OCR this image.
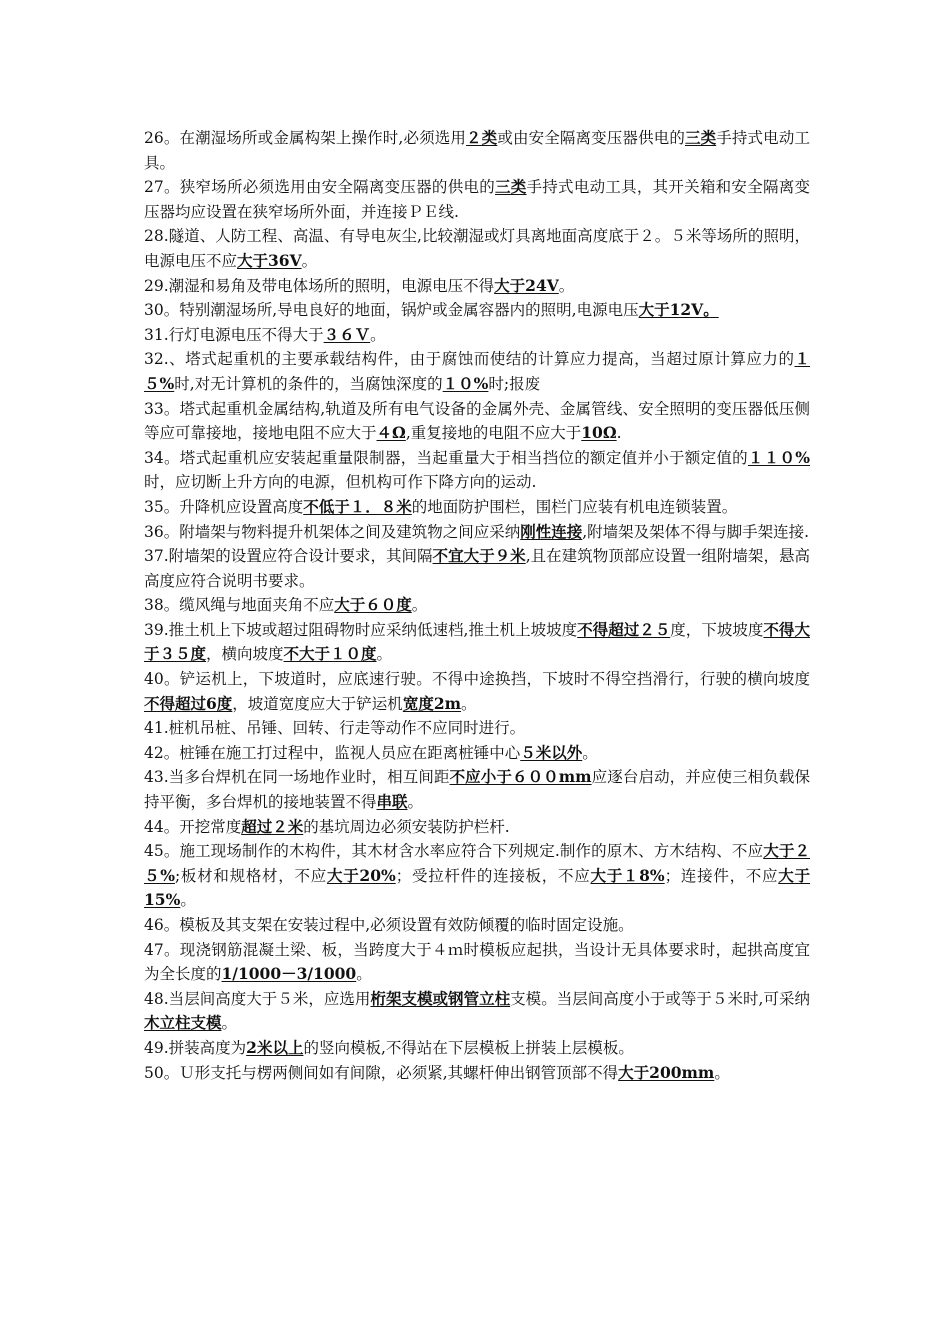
26。在潮湿场所或金属构架上操作时,必须选用２类或由安全隔离变压器供电的三类手持式电动工具。

27。狭窄场所必须选用由安全隔离变压器的供电的三类手持式电动工具，其开关箱和安全隔离变压器均应设置在狭窄场所外面，并连接ＰＥ线.

28.隧道、人防工程、高温、有导电灰尘,比较潮湿或灯具离地面高度底于２。５米等场所的照明，电源电压不应大于36V。

29.潮湿和易角及带电体场所的照明，电源电压不得大于24V。

30。特别潮湿场所,导电良好的地面，锅炉或金属容器内的照明,电源电压大于12V。

31.行灯电源电压不得大于３６Ｖ。

32.、塔式起重机的主要承载结构件，由于腐蚀而使结的计算应力提高，当超过原计算应力的１５%时,对无计算机的条件的，当腐蚀深度的１０%时;报废

33。塔式起重机金属结构,轨道及所有电气设备的金属外壳、金属管线、安全照明的变压器低压侧等应可靠接地，接地电阻不应大于４Ω,重复接地的电阻不应大于10Ω.

34。塔式起重机应安装起重量限制器，当起重量大于相当挡位的额定值并小于额定值的１１０%时，应切断上升方向的电源，但机构可作下降方向的运动.

35。升降机应设置高度不低于１．８米的地面防护围栏，围栏门应装有机电连锁装置。

36。附墙架与物料提升机架体之间及建筑物之间应采纳刚性连接,附墙架及架体不得与脚手架连接.

37.附墙架的设置应符合设计要求，其间隔不宜大于９米,且在建筑物顶部应设置一组附墙架，悬高高度应符合说明书要求。

38。缆风绳与地面夹角不应大于６０度。

39.推土机上下坡或超过阻碍物时应采纳低速档,推土机上坡坡度不得超过２５度，下坡坡度不得大于３５度，横向坡度不大于１０度。

40。铲运机上，下坡道时，应底速行驶。不得中途换挡，下坡时不得空挡滑行，行驶的横向坡度不得超过6度，坡道宽度应大于铲运机宽度2m。

41.桩机吊桩、吊锤、回转、行走等动作不应同时进行。

42。桩锤在施工打过程中，监视人员应在距离桩锤中心５米以外。

43.当多台焊机在同一场地作业时，相互间距不应小于６００mm应逐台启动，并应使三相负载保持平衡，多台焊机的接地装置不得串联。

44。开挖常度超过２米的基坑周边必须安装防护栏杆.

45。施工现场制作的木构件，其木材含水率应符合下列规定.制作的原木、方木结构、不应大于２５%;板材和规格材，不应大于20%；受拉杆件的连接板，不应大于１8%；连接件，不应大于15%。

46。模板及其支架在安装过程中,必须设置有效防倾覆的临时固定设施。

47。现浇钢筋混凝土梁、板，当跨度大于４ｍ时模板应起拱，当设计无具体要求时，起拱高度宜为全长度的1/1000－3/1000。

48.当层间高度大于５米，应选用桁架支模或钢管立柱支模。当层间高度小于或等于５米时,可采纳木立柱支模。

49.拼装高度为2米以上的竖向模板,不得站在下层模板上拼装上层模板。

50。Ｕ形支托与楞两侧间如有间隙，必须紧,其螺杆伸出钢管顶部不得大于200mm。
